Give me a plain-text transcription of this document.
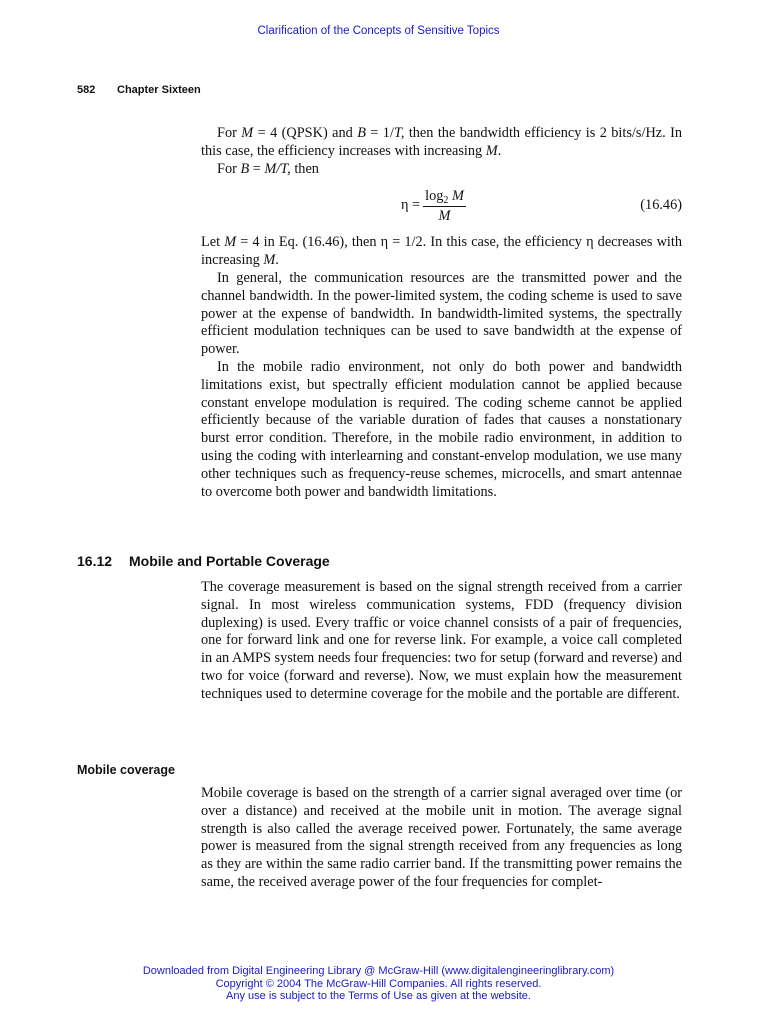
Clarification of the Concepts of Sensitive Topics
582 Chapter Sixteen

For M = 4 (QPSK) and B = 1/T, then the bandwidth efficiency is 2 bits/s/Hz. In this case, the efficiency increases with increasing M.

For B = M/T, then

$\eta = \frac{\log_2 M}{M}$	(16.46)

Let M = 4 in Eq. (16.46), then η = 1/2. In this case, the efficiency η decreases with increasing M.

In general, the communication resources are the transmitted power and the channel bandwidth. In the power-limited system, the coding scheme is used to save power at the expense of bandwidth. In bandwidth-limited systems, the spectrally efficient modulation techniques can be used to save bandwidth at the expense of power.

In the mobile radio environment, not only do both power and bandwidth limitations exist, but spectrally efficient modulation cannot be applied because constant envelope modulation is required. The coding scheme cannot be applied efficiently because of the variable duration of fades that causes a nonstationary burst error condition. Therefore, in the mobile radio environment, in addition to using the coding with interlearning and constant-envelop modulation, we use many other techniques such as frequency-reuse schemes, microcells, and smart antennae to overcome both power and bandwidth limitations.

16.12 Mobile and Portable Coverage

The coverage measurement is based on the signal strength received from a carrier signal. In most wireless communication systems, FDD (frequency division duplexing) is used. Every traffic or voice channel consists of a pair of frequencies, one for forward link and one for reverse link. For example, a voice call completed in an AMPS system needs four frequencies: two for setup (forward and reverse) and two for voice (forward and reverse). Now, we must explain how the measurement techniques used to determine coverage for the mobile and the portable are different.

Mobile coverage

Mobile coverage is based on the strength of a carrier signal averaged over time (or over a distance) and received at the mobile unit in motion. The average signal strength is also called the average received power. Fortunately, the same average power is measured from the signal strength received from any frequencies as long as they are within the same radio carrier band. If the transmitting power remains the same, the received average power of the four frequencies for complet-

Downloaded from Digital Engineering Library @ McGraw-Hill (www.digitalengineeringlibrary.com)
Copyright © 2004 The McGraw-Hill Companies. All rights reserved.
Any use is subject to the Terms of Use as given at the website.
